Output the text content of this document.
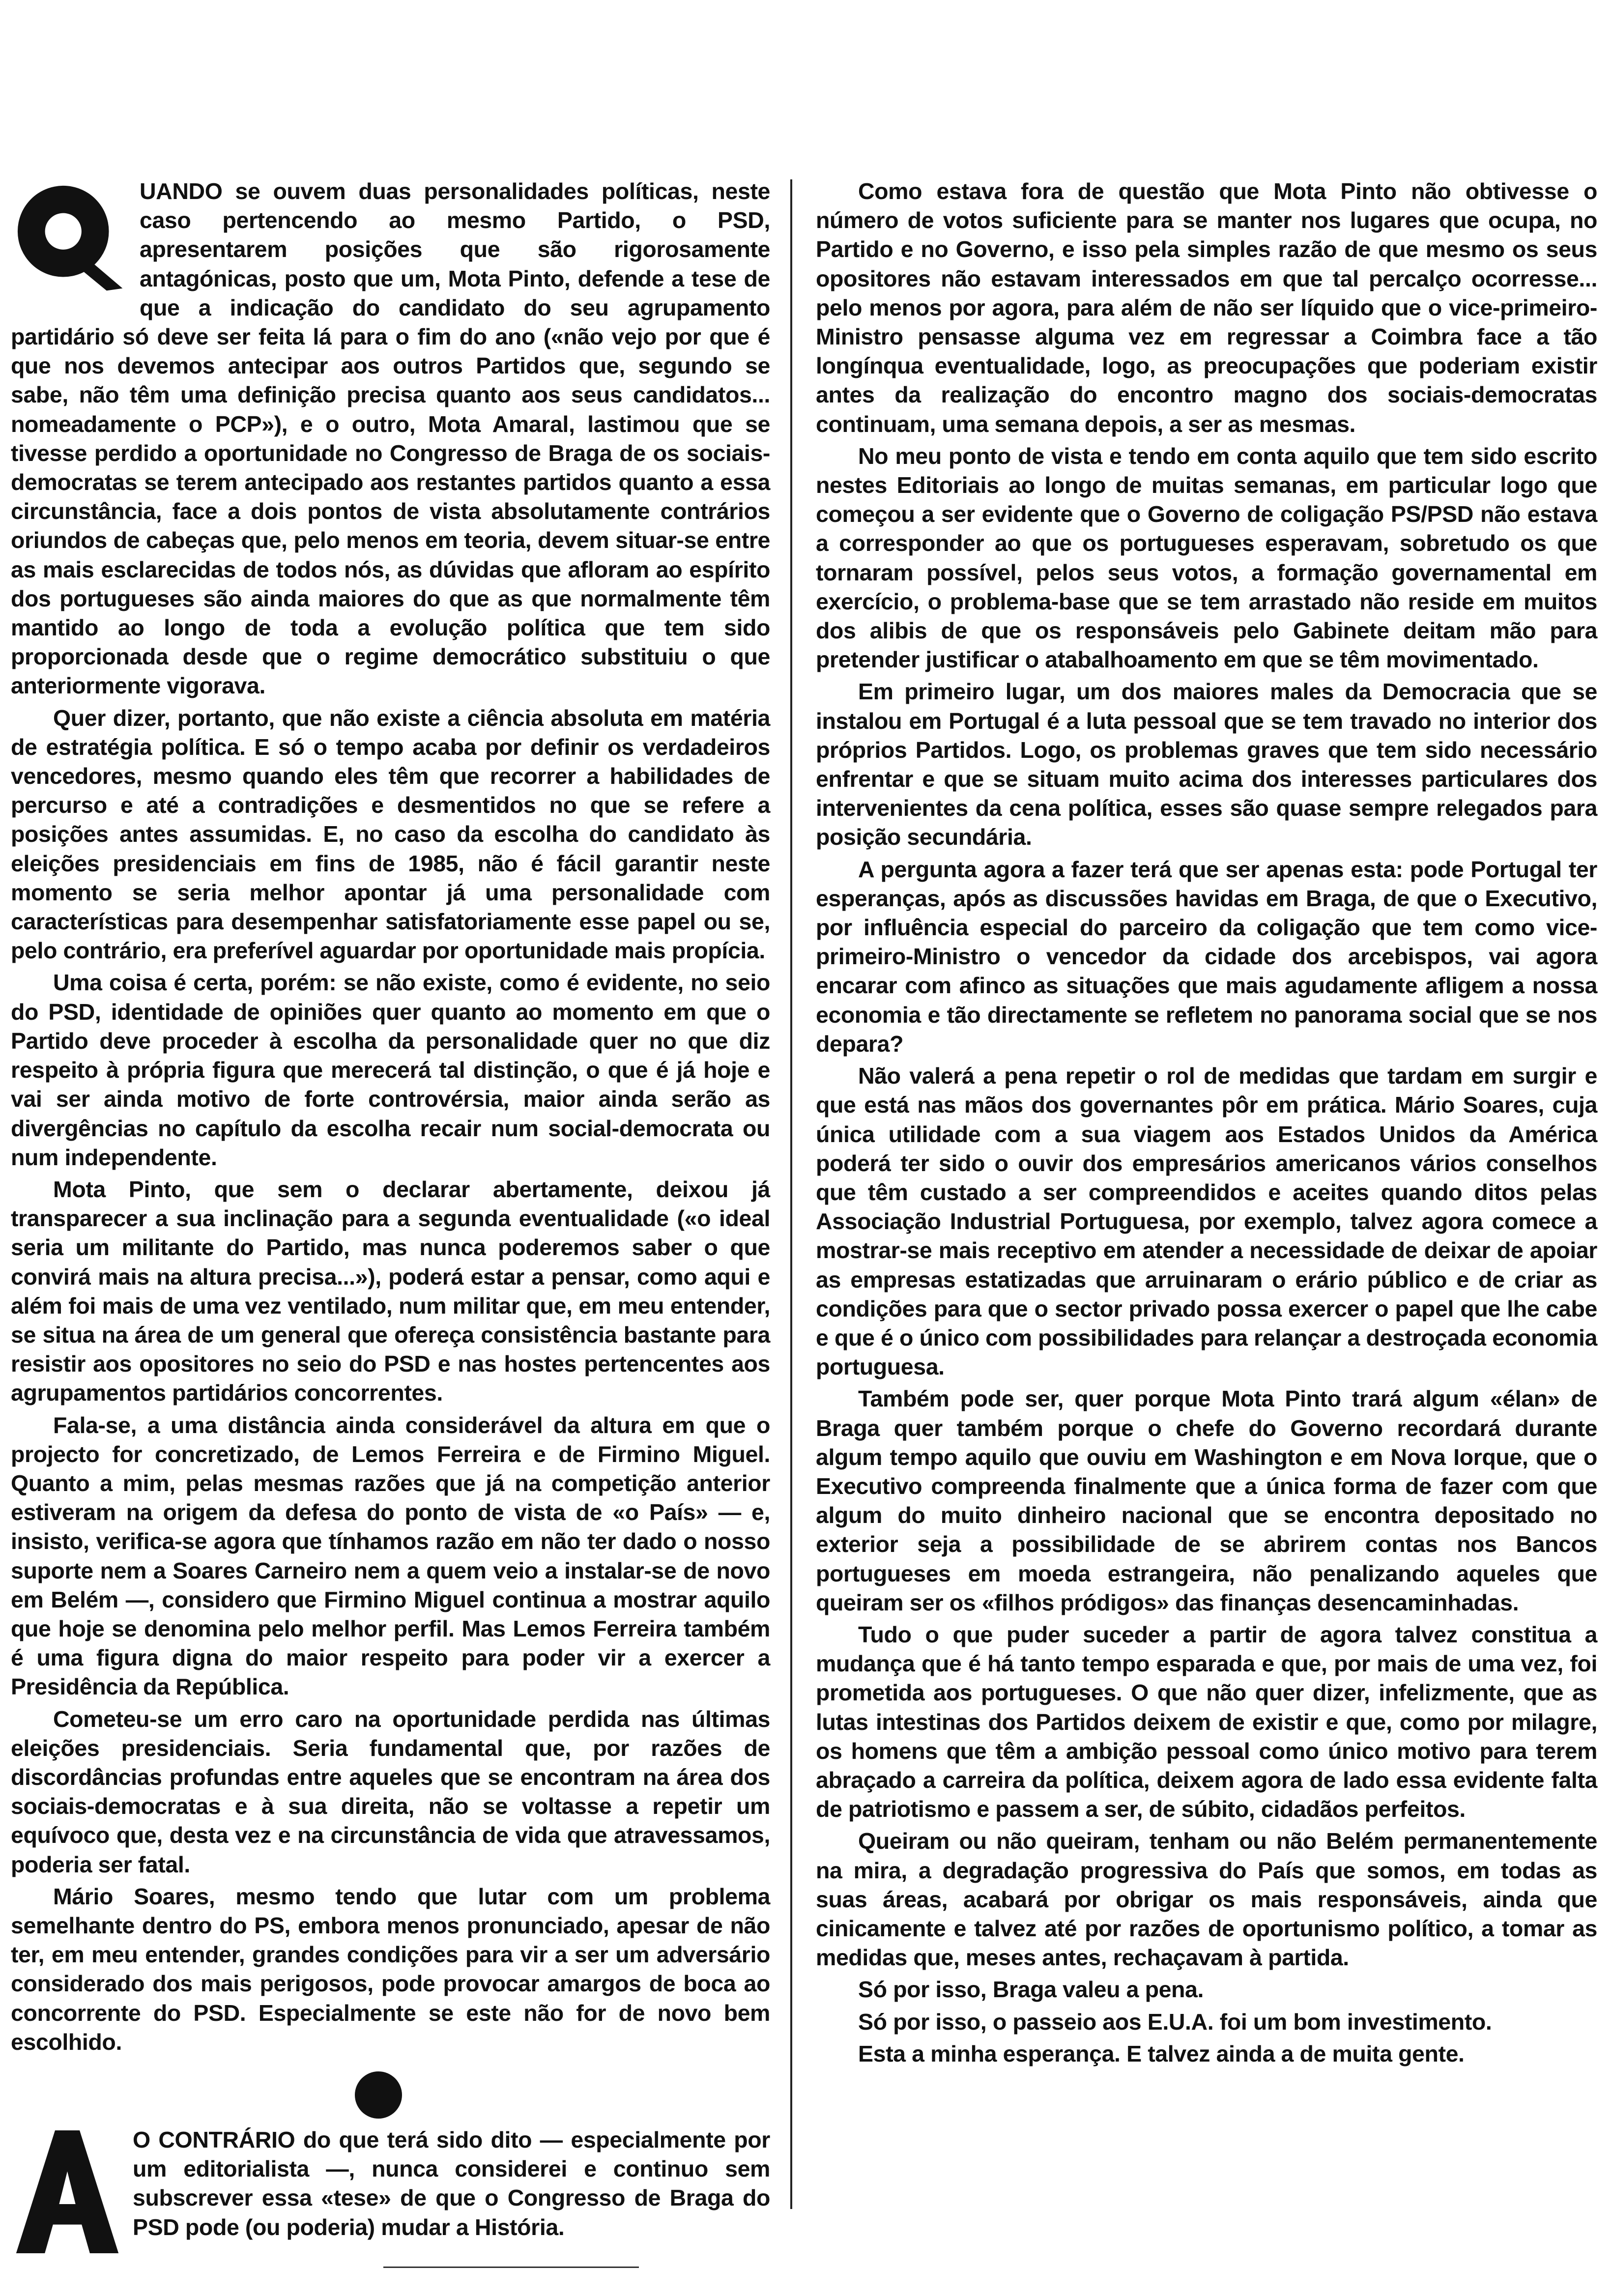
UANDO se ouvem duas personalidades políticas, neste caso pertencendo ao mesmo Partido, o PSD, apresentarem posições que são rigorosamente antagónicas, posto que um, Mota Pinto, defende a tese de que a indicação do candidato do seu agrupamento partidário só deve ser feita lá para o fim do ano («não vejo por que é que nos devemos antecipar aos outros Partidos que, segundo se sabe, não têm uma definição precisa quanto aos seus candidatos... nomeadamente o PCP»), e o outro, Mota Amaral, lastimou que se tivesse perdido a oportunidade no Congresso de Braga de os sociais-democratas se terem antecipado aos restantes partidos quanto a essa circunstância, face a dois pontos de vista absolutamente contrários oriundos de cabeças que, pelo menos em teoria, devem situar-se entre as mais esclarecidas de todos nós, as dúvidas que afloram ao espírito dos portugueses são ainda maiores do que as que normalmente têm mantido ao longo de toda a evolução política que tem sido proporcionada desde que o regime democrático substituiu o que anteriormente vigorava.

Quer dizer, portanto, que não existe a ciência absoluta em matéria de estratégia política. E só o tempo acaba por definir os verdadeiros vencedores, mesmo quando eles têm que recorrer a habilidades de percurso e até a contradições e desmentidos no que se refere a posições antes assumidas. E, no caso da escolha do candidato às eleições presidenciais em fins de 1985, não é fácil garantir neste momento se seria melhor apontar já uma personalidade com características para desempenhar satisfatoriamente esse papel ou se, pelo contrário, era preferível aguardar por oportunidade mais propícia.

Uma coisa é certa, porém: se não existe, como é evidente, no seio do PSD, identidade de opiniões quer quanto ao momento em que o Partido deve proceder à escolha da personalidade quer no que diz respeito à própria figura que merecerá tal distinção, o que é já hoje e vai ser ainda motivo de forte controvérsia, maior ainda serão as divergências no capítulo da escolha recair num social-democrata ou num independente.

Mota Pinto, que sem o declarar abertamente, deixou já transparecer a sua inclinação para a segunda eventualidade («o ideal seria um militante do Partido, mas nunca poderemos saber o que convirá mais na altura precisa...»), poderá estar a pensar, como aqui e além foi mais de uma vez ventilado, num militar que, em meu entender, se situa na área de um general que ofereça consistência bastante para resistir aos opositores no seio do PSD e nas hostes pertencentes aos agrupamentos partidários concorrentes.

Fala-se, a uma distância ainda considerável da altura em que o projecto for concretizado, de Lemos Ferreira e de Firmino Miguel. Quanto a mim, pelas mesmas razões que já na competição anterior estiveram na origem da defesa do ponto de vista de «o País» — e, insisto, verifica-se agora que tínhamos razão em não ter dado o nosso suporte nem a Soares Carneiro nem a quem veio a instalar-se de novo em Belém —, considero que Firmino Miguel continua a mostrar aquilo que hoje se denomina pelo melhor perfil. Mas Lemos Ferreira também é uma figura digna do maior respeito para poder vir a exercer a Presidência da República.

Cometeu-se um erro caro na oportunidade perdida nas últimas eleições presidenciais. Seria fundamental que, por razões de discordâncias profundas entre aqueles que se encontram na área dos sociais-democratas e à sua direita, não se voltasse a repetir um equívoco que, desta vez e na circunstância de vida que atravessamos, poderia ser fatal.

Mário Soares, mesmo tendo que lutar com um problema semelhante dentro do PS, embora menos pronunciado, apesar de não ter, em meu entender, grandes condições para vir a ser um adversário considerado dos mais perigosos, pode provocar amargos de boca ao concorrente do PSD. Especialmente se este não for de novo bem escolhido.

O CONTRÁRIO do que terá sido dito — especialmente por um editorialista —, nunca considerei e continuo sem subscrever essa «tese» de que o Congresso de Braga do PSD pode (ou poderia) mudar a História.

Como estava fora de questão que Mota Pinto não obtivesse o número de votos suficiente para se manter nos lugares que ocupa, no Partido e no Governo, e isso pela simples razão de que mesmo os seus opositores não estavam interessados em que tal percalço ocorresse... pelo menos por agora, para além de não ser líquido que o vice-primeiro-Ministro pensasse alguma vez em regressar a Coimbra face a tão longínqua eventualidade, logo, as preocupações que poderiam existir antes da realização do encontro magno dos sociais-democratas continuam, uma semana depois, a ser as mesmas.

No meu ponto de vista e tendo em conta aquilo que tem sido escrito nestes Editoriais ao longo de muitas semanas, em particular logo que começou a ser evidente que o Governo de coligação PS/PSD não estava a corresponder ao que os portugueses esperavam, sobretudo os que tornaram possível, pelos seus votos, a formação governamental em exercício, o problema-base que se tem arrastado não reside em muitos dos alibis de que os responsáveis pelo Gabinete deitam mão para pretender justificar o atabalhoamento em que se têm movimentado.

Em primeiro lugar, um dos maiores males da Democracia que se instalou em Portugal é a luta pessoal que se tem travado no interior dos próprios Partidos. Logo, os problemas graves que tem sido necessário enfrentar e que se situam muito acima dos interesses particulares dos intervenientes da cena política, esses são quase sempre relegados para posição secundária.

A pergunta agora a fazer terá que ser apenas esta: pode Portugal ter esperanças, após as discussões havidas em Braga, de que o Executivo, por influência especial do parceiro da coligação que tem como vice-primeiro-Ministro o vencedor da cidade dos arcebispos, vai agora encarar com afinco as situações que mais agudamente afligem a nossa economia e tão directamente se refletem no panorama social que se nos depara?

Não valerá a pena repetir o rol de medidas que tardam em surgir e que está nas mãos dos governantes pôr em prática. Mário Soares, cuja única utilidade com a sua viagem aos Estados Unidos da América poderá ter sido o ouvir dos empresários americanos vários conselhos que têm custado a ser compreendidos e aceites quando ditos pelas Associação Industrial Portuguesa, por exemplo, talvez agora comece a mostrar-se mais receptivo em atender a necessidade de deixar de apoiar as empresas estatizadas que arruinaram o erário público e de criar as condições para que o sector privado possa exercer o papel que lhe cabe e que é o único com possibilidades para relançar a destroçada economia portuguesa.

Também pode ser, quer porque Mota Pinto trará algum «élan» de Braga quer também porque o chefe do Governo recordará durante algum tempo aquilo que ouviu em Washington e em Nova Iorque, que o Executivo compreenda finalmente que a única forma de fazer com que algum do muito dinheiro nacional que se encontra depositado no exterior seja a possibilidade de se abrirem contas nos Bancos portugueses em moeda estrangeira, não penalizando aqueles que queiram ser os «filhos pródigos» das finanças desencaminhadas.

Tudo o que puder suceder a partir de agora talvez constitua a mudança que é há tanto tempo esparada e que, por mais de uma vez, foi prometida aos portugueses. O que não quer dizer, infelizmente, que as lutas intestinas dos Partidos deixem de existir e que, como por milagre, os homens que têm a ambição pessoal como único motivo para terem abraçado a carreira da política, deixem agora de lado essa evidente falta de patriotismo e passem a ser, de súbito, cidadãos perfeitos.

Queiram ou não queiram, tenham ou não Belém permanentemente na mira, a degradação progressiva do País que somos, em todas as suas áreas, acabará por obrigar os mais responsáveis, ainda que cinicamente e talvez até por razões de oportunismo político, a tomar as medidas que, meses antes, rechaçavam à partida.

Só por isso, Braga valeu a pena.

Só por isso, o passeio aos E.U.A. foi um bom investimento.

Esta a minha esperança. E talvez ainda a de muita gente.
